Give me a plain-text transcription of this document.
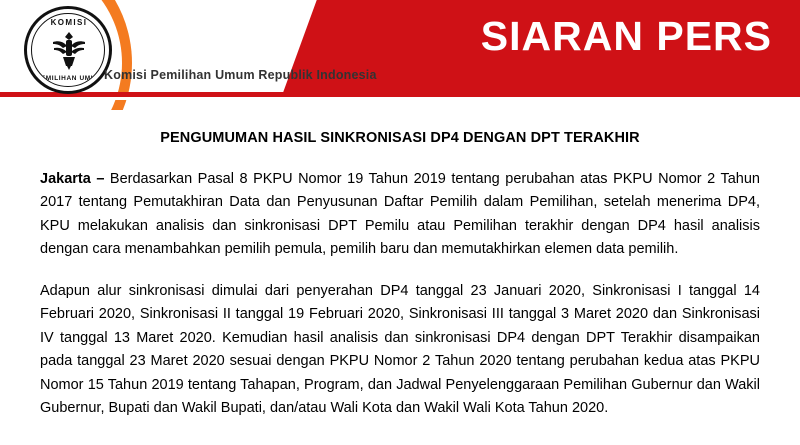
SIARAN PERS
KOMISI
PEMILIHAN UMUM Komisi Pemilihan Umum Republik Indonesia
PENGUMUMAN HASIL SINKRONISASI DP4 DENGAN DPT TERAKHIR

Jakarta – Berdasarkan Pasal 8 PKPU Nomor 19 Tahun 2019 tentang perubahan atas PKPU Nomor 2 Tahun 2017 tentang Pemutakhiran Data dan Penyusunan Daftar Pemilih dalam Pemilihan, setelah menerima DP4, KPU melakukan analisis dan sinkronisasi DPT Pemilu atau Pemilihan terakhir dengan DP4 hasil analisis dengan cara menambahkan pemilih pemula, pemilih baru dan memutakhirkan elemen data pemilih.

Adapun alur sinkronisasi dimulai dari penyerahan DP4 tanggal 23 Januari 2020, Sinkronisasi I tanggal 14 Februari 2020, Sinkronisasi II tanggal 19 Februari 2020, Sinkronisasi III tanggal 3 Maret 2020 dan Sinkronisasi IV tanggal 13 Maret 2020. Kemudian hasil analisis dan sinkronisasi DP4 dengan DPT Terakhir disampaikan pada tanggal 23 Maret 2020 sesuai dengan PKPU Nomor 2 Tahun 2020 tentang perubahan kedua atas PKPU Nomor 15 Tahun 2019 tentang Tahapan, Program, dan Jadwal Penyelenggaraan Pemilihan Gubernur dan Wakil Gubernur, Bupati dan Wakil Bupati, dan/atau Wali Kota dan Wakil Wali Kota Tahun 2020.
